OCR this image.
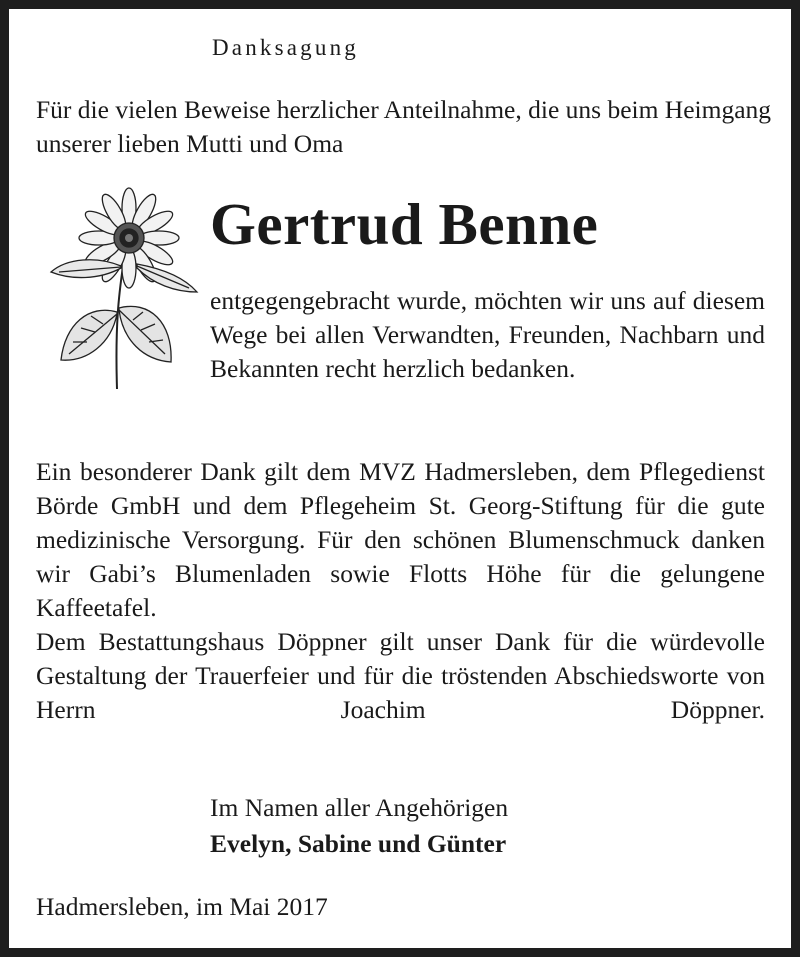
Danksagung

Für die vielen Beweise herzlicher Anteilnahme, die uns beim Heimgang unserer lieben Mutti und Oma

Gertrud Benne

entgegengebracht wurde, möchten wir uns auf diesem Wege bei allen Verwandten, Freunden, Nachbarn und Bekannten recht herzlich bedanken.

Ein besonderer Dank gilt dem MVZ Hadmersleben, dem Pflegedienst Börde GmbH und dem Pflegeheim St. Georg-Stiftung für die gute medizinische Versorgung. Für den schönen Blumenschmuck danken wir Gabi’s Blumenladen sowie Flotts Höhe für die gelungene Kaffeetafel.
Dem Bestattungshaus Döppner gilt unser Dank für die würdevolle Gestaltung der Trauerfeier und für die tröstenden Abschiedsworte von Herrn Joachim Döppner.

Im Namen aller Angehörigen

Evelyn, Sabine und Günter

Hadmersleben, im Mai 2017
